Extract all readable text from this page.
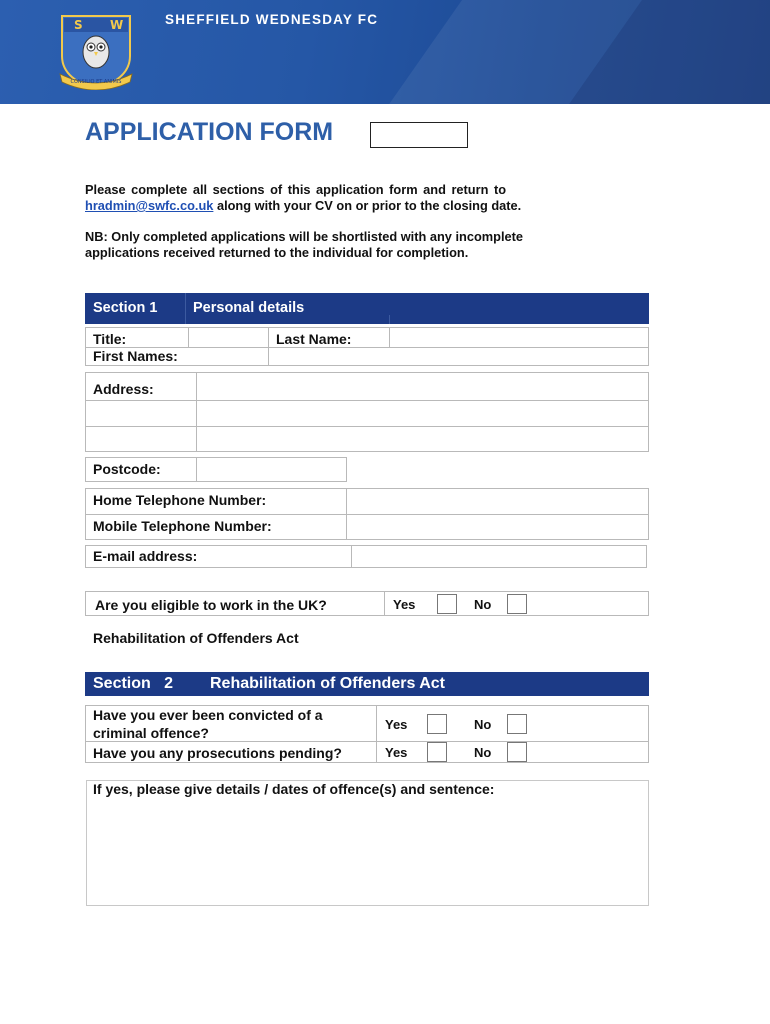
S W
CONSILIO ET ANIMIS
SHEFFIELD WEDNESDAY FC
APPLICATION FORM
Please complete all sections of this application form and return to
hradmin@swfc.co.uk along with your CV on or prior to the closing date.
NB: Only completed applications will be shortlisted with any incomplete
applications received returned to the individual for completion.
Section 1 Personal details
Title:	Last Name:
First Names:
Address:
Postcode:
Home Telephone Number:
Mobile Telephone Number:
E-mail address:
Are you eligible to work in the UK?	Yes	No
Rehabilitation of Offenders Act
Section   2 Rehabilitation of Offenders Act
Have you ever been convicted of a
criminal offence?
Yes	No
Have you any prosecutions pending?	Yes	No
If yes, please give details / dates of offence(s) and sentence:
